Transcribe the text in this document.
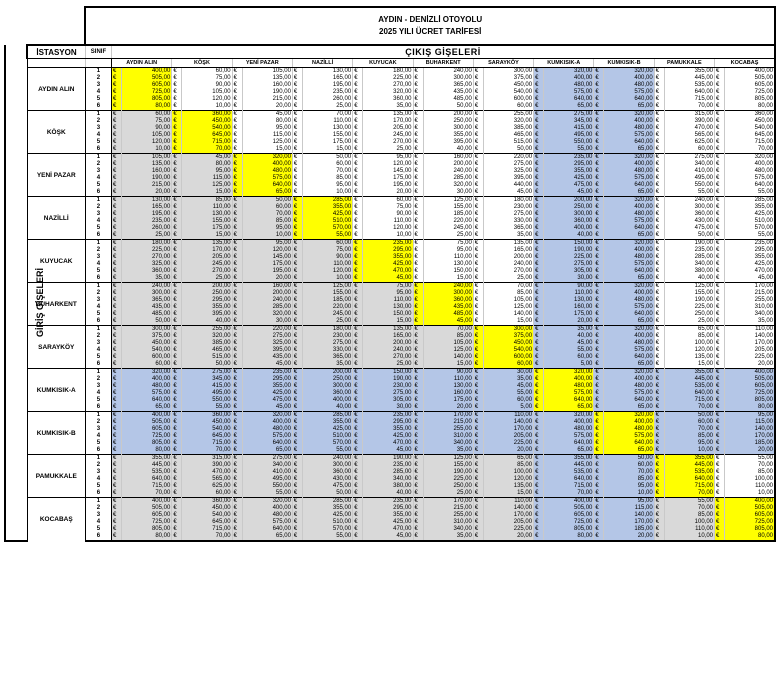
		AYDIN - DENİZLİ OTOYOLU
2025 YILI ÜCRET TARİFESİ																						

	İSTASYON	SINIF	ÇIKIŞ GİŞELERİ																					
			AYDIN ALIN		KÖŞK		YENİ PAZAR		NAZİLLİ		KUYUCAK		BUHARKENT		SARAYKÖY		KUMKISIK-A		KUMKISIK-B		PAMUKKALE		KOCABAŞ	
GİRİŞ GİŞELERİ	AYDIN ALIN	1	€	400,00	€	60,00	€	105,00	€	130,00	€	180,00	€	240,00	€	300,00	€	320,00	€	320,00	€	355,00	€	400,00
		2	€	505,00	€	75,00	€	135,00	€	165,00	€	225,00	€	300,00	€	375,00	€	400,00	€	400,00	€	445,00	€	505,00
		3	€	605,00	€	90,00	€	160,00	€	195,00	€	270,00	€	365,00	€	450,00	€	480,00	€	480,00	€	535,00	€	605,00
		4	€	725,00	€	105,00	€	190,00	€	235,00	€	320,00	€	435,00	€	540,00	€	575,00	€	575,00	€	640,00	€	725,00
		5	€	805,00	€	120,00	€	215,00	€	260,00	€	360,00	€	485,00	€	600,00	€	640,00	€	640,00	€	715,00	€	805,00
		6	€	80,00	€	10,00	€	20,00	€	25,00	€	35,00	€	50,00	€	60,00	€	65,00	€	65,00	€	70,00	€	80,00
	KÖŞK	1	€	60,00	€	360,00	€	45,00	€	70,00	€	135,00	€	200,00	€	255,00	€	275,00	€	320,00	€	315,00	€	360,00
		2	€	75,00	€	450,00	€	80,00	€	110,00	€	170,00	€	250,00	€	320,00	€	345,00	€	400,00	€	390,00	€	450,00
		3	€	90,00	€	540,00	€	95,00	€	130,00	€	205,00	€	300,00	€	385,00	€	415,00	€	480,00	€	470,00	€	540,00
		4	€	105,00	€	645,00	€	115,00	€	155,00	€	245,00	€	355,00	€	465,00	€	495,00	€	575,00	€	565,00	€	645,00
		5	€	120,00	€	715,00	€	125,00	€	175,00	€	270,00	€	395,00	€	515,00	€	550,00	€	640,00	€	625,00	€	715,00
		6	€	10,00	€	70,00	€	15,00	€	15,00	€	25,00	€	40,00	€	50,00	€	55,00	€	65,00	€	60,00	€	70,00
	YENİ PAZAR	1	€	105,00	€	45,00	€	320,00	€	50,00	€	95,00	€	160,00	€	220,00	€	235,00	€	320,00	€	275,00	€	320,00
		2	€	135,00	€	80,00	€	400,00	€	60,00	€	120,00	€	200,00	€	275,00	€	295,00	€	400,00	€	340,00	€	400,00
		3	€	160,00	€	95,00	€	480,00	€	70,00	€	145,00	€	240,00	€	325,00	€	355,00	€	480,00	€	410,00	€	480,00
		4	€	190,00	€	115,00	€	575,00	€	85,00	€	175,00	€	285,00	€	395,00	€	425,00	€	575,00	€	495,00	€	575,00
		5	€	215,00	€	125,00	€	640,00	€	95,00	€	195,00	€	320,00	€	440,00	€	475,00	€	640,00	€	550,00	€	640,00
		6	€	20,00	€	15,00	€	65,00	€	10,00	€	20,00	€	30,00	€	45,00	€	45,00	€	65,00	€	55,00	€	55,00
	NAZİLLİ	1	€	130,00	€	85,00	€	50,00	€	285,00	€	60,00	€	125,00	€	180,00	€	200,00	€	320,00	€	240,00	€	285,00
		2	€	165,00	€	110,00	€	60,00	€	355,00	€	75,00	€	155,00	€	230,00	€	250,00	€	400,00	€	300,00	€	355,00
		3	€	195,00	€	130,00	€	70,00	€	425,00	€	90,00	€	185,00	€	275,00	€	300,00	€	480,00	€	360,00	€	425,00
		4	€	235,00	€	155,00	€	85,00	€	510,00	€	110,00	€	220,00	€	330,00	€	360,00	€	575,00	€	430,00	€	510,00
		5	€	260,00	€	175,00	€	95,00	€	570,00	€	120,00	€	245,00	€	365,00	€	400,00	€	640,00	€	475,00	€	570,00
		6	€	25,00	€	15,00	€	10,00	€	55,00	€	10,00	€	25,00	€	35,00	€	40,00	€	65,00	€	50,00	€	55,00
	KUYUCAK	1	€	180,00	€	135,00	€	95,00	€	60,00	€	235,00	€	75,00	€	135,00	€	150,00	€	320,00	€	190,00	€	235,00
		2	€	225,00	€	170,00	€	120,00	€	75,00	€	295,00	€	95,00	€	165,00	€	190,00	€	400,00	€	235,00	€	295,00
		3	€	270,00	€	205,00	€	145,00	€	90,00	€	355,00	€	110,00	€	200,00	€	225,00	€	480,00	€	285,00	€	355,00
		4	€	325,00	€	245,00	€	175,00	€	110,00	€	425,00	€	130,00	€	240,00	€	275,00	€	575,00	€	340,00	€	425,00
		5	€	360,00	€	270,00	€	195,00	€	120,00	€	470,00	€	150,00	€	270,00	€	305,00	€	640,00	€	380,00	€	470,00
		6	€	35,00	€	25,00	€	20,00	€	10,00	€	45,00	€	15,00	€	25,00	€	30,00	€	65,00	€	40,00	€	45,00
	BUHARKENT	1	€	240,00	€	200,00	€	160,00	€	125,00	€	75,00	€	240,00	€	70,00	€	90,00	€	320,00	€	125,00	€	170,00
		2	€	300,00	€	250,00	€	200,00	€	155,00	€	95,00	€	300,00	€	85,00	€	110,00	€	400,00	€	155,00	€	215,00
		3	€	365,00	€	295,00	€	240,00	€	185,00	€	110,00	€	360,00	€	105,00	€	130,00	€	480,00	€	190,00	€	255,00
		4	€	435,00	€	355,00	€	285,00	€	220,00	€	130,00	€	435,00	€	125,00	€	160,00	€	575,00	€	225,00	€	310,00
		5	€	485,00	€	395,00	€	320,00	€	245,00	€	150,00	€	485,00	€	140,00	€	175,00	€	640,00	€	250,00	€	340,00
		6	€	50,00	€	40,00	€	30,00	€	25,00	€	15,00	€	45,00	€	15,00	€	20,00	€	65,00	€	25,00	€	35,00
	SARAYKÖY	1	€	300,00	€	255,00	€	220,00	€	180,00	€	135,00	€	70,00	€	300,00	€	35,00	€	320,00	€	65,00	€	110,00
		2	€	375,00	€	320,00	€	275,00	€	230,00	€	165,00	€	85,00	€	375,00	€	40,00	€	400,00	€	85,00	€	140,00
		3	€	450,00	€	385,00	€	325,00	€	275,00	€	200,00	€	105,00	€	450,00	€	45,00	€	480,00	€	100,00	€	170,00
		4	€	540,00	€	465,00	€	395,00	€	330,00	€	240,00	€	125,00	€	540,00	€	55,00	€	575,00	€	120,00	€	205,00
		5	€	600,00	€	515,00	€	435,00	€	365,00	€	270,00	€	140,00	€	600,00	€	60,00	€	640,00	€	135,00	€	225,00
		6	€	60,00	€	50,00	€	45,00	€	35,00	€	25,00	€	15,00	€	60,00	€	5,00	€	65,00	€	15,00	€	20,00
	KUMKISIK-A	1	€	320,00	€	275,00	€	235,00	€	200,00	€	150,00	€	90,00	€	30,00	€	320,00	€	320,00	€	355,00	€	400,00
		2	€	400,00	€	345,00	€	295,00	€	250,00	€	190,00	€	110,00	€	35,00	€	400,00	€	400,00	€	445,00	€	505,00
		3	€	480,00	€	415,00	€	355,00	€	300,00	€	230,00	€	130,00	€	45,00	€	480,00	€	480,00	€	535,00	€	605,00
		4	€	575,00	€	495,00	€	425,00	€	360,00	€	275,00	€	160,00	€	55,00	€	575,00	€	575,00	€	640,00	€	725,00
		5	€	640,00	€	550,00	€	475,00	€	400,00	€	305,00	€	175,00	€	60,00	€	640,00	€	640,00	€	715,00	€	805,00
		6	€	65,00	€	55,00	€	45,00	€	40,00	€	30,00	€	20,00	€	5,00	€	65,00	€	65,00	€	70,00	€	80,00
	KUMKISIK-B	1	€	400,00	€	360,00	€	320,00	€	285,00	€	235,00	€	170,00	€	110,00	€	320,00	€	320,00	€	50,00	€	95,00
		2	€	505,00	€	450,00	€	400,00	€	355,00	€	295,00	€	215,00	€	140,00	€	400,00	€	400,00	€	60,00	€	115,00
		3	€	605,00	€	540,00	€	480,00	€	425,00	€	355,00	€	255,00	€	170,00	€	480,00	€	480,00	€	70,00	€	140,00
		4	€	725,00	€	645,00	€	575,00	€	510,00	€	425,00	€	310,00	€	205,00	€	575,00	€	575,00	€	85,00	€	170,00
		5	€	805,00	€	715,00	€	640,00	€	570,00	€	470,00	€	340,00	€	225,00	€	640,00	€	640,00	€	95,00	€	185,00
		6	€	80,00	€	70,00	€	65,00	€	55,00	€	45,00	€	35,00	€	20,00	€	65,00	€	65,00	€	10,00	€	20,00
	PAMUKKALE	1	€	355,00	€	315,00	€	275,00	€	240,00	€	190,00	€	125,00	€	65,00	€	355,00	€	50,00	€	355,00	€	55,00
		2	€	445,00	€	390,00	€	340,00	€	300,00	€	235,00	€	155,00	€	85,00	€	445,00	€	60,00	€	445,00	€	70,00
		3	€	535,00	€	470,00	€	410,00	€	360,00	€	285,00	€	190,00	€	100,00	€	535,00	€	70,00	€	535,00	€	85,00
		4	€	640,00	€	565,00	€	495,00	€	430,00	€	340,00	€	225,00	€	120,00	€	640,00	€	85,00	€	640,00	€	100,00
		5	€	715,00	€	625,00	€	550,00	€	475,00	€	380,00	€	250,00	€	135,00	€	715,00	€	95,00	€	715,00	€	110,00
		6	€	70,00	€	60,00	€	55,00	€	50,00	€	40,00	€	25,00	€	15,00	€	70,00	€	10,00	€	70,00	€	10,00
	KOCABAŞ	1	€	400,00	€	360,00	€	320,00	€	285,00	€	235,00	€	170,00	€	110,00	€	400,00	€	95,00	€	55,00	€	400,00
		2	€	505,00	€	450,00	€	400,00	€	355,00	€	295,00	€	215,00	€	140,00	€	505,00	€	115,00	€	70,00	€	505,00
		3	€	605,00	€	540,00	€	480,00	€	425,00	€	355,00	€	255,00	€	170,00	€	605,00	€	140,00	€	85,00	€	605,00
		4	€	725,00	€	645,00	€	575,00	€	510,00	€	425,00	€	310,00	€	205,00	€	725,00	€	170,00	€	100,00	€	725,00
		5	€	805,00	€	715,00	€	640,00	€	570,00	€	470,00	€	340,00	€	225,00	€	805,00	€	185,00	€	110,00	€	805,00
		6	€	80,00	€	70,00	€	65,00	€	55,00	€	45,00	€	35,00	€	20,00	€	80,00	€	20,00	€	10,00	€	80,00
